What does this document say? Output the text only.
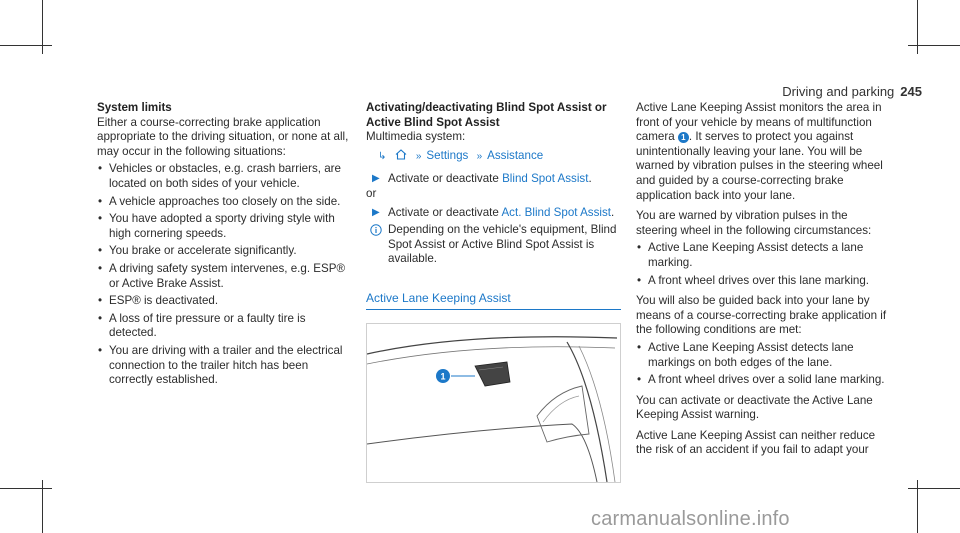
Driving and parking 245

System limits

Either a course-correcting brake application appropriate to the driving situation, or none at all, may occur in the following situations:

• Vehicles or obstacles, e.g. crash barriers, are located on both sides of your vehicle.
• A vehicle approaches too closely on the side.
• You have adopted a sporty driving style with high cornering speeds.
• You brake or accelerate significantly.
• A driving safety system intervenes, e.g. ESP® or Active Brake Assist.
• ESP® is deactivated.
• A loss of tire pressure or a faulty tire is detected.
• You are driving with a trailer and the electrical connection to the trailer hitch has been correctly established.

Activating/deactivating Blind Spot Assist or Active Blind Spot Assist

Multimedia system:

↳	» Settings » Assistance
▶ Activate or deactivate Blind Spot Assist.

or

▶ Activate or deactivate Act. Blind Spot Assist.
Depending on the vehicle's equipment, Blind Spot Assist or Active Blind Spot Assist is available.
Active Lane Keeping Assist

1

Active Lane Keeping Assist monitors the area in front of your vehicle by means of multifunction camera 1 . It serves to protect you against unintentionally leaving your lane. You will be warned by vibration pulses in the steering wheel and guided by a course-correcting brake application back into your lane.

You are warned by vibration pulses in the steering wheel in the following circumstances:

• Active Lane Keeping Assist detects a lane marking.
• A front wheel drives over this lane marking.

You will also be guided back into your lane by means of a course-correcting brake application if the following conditions are met:

• Active Lane Keeping Assist detects lane markings on both edges of the lane.
• A front wheel drives over a solid lane marking.

You can activate or deactivate the Active Lane Keeping Assist warning.

Active Lane Keeping Assist can neither reduce the risk of an accident if you fail to adapt your

carmanualsonline.info
